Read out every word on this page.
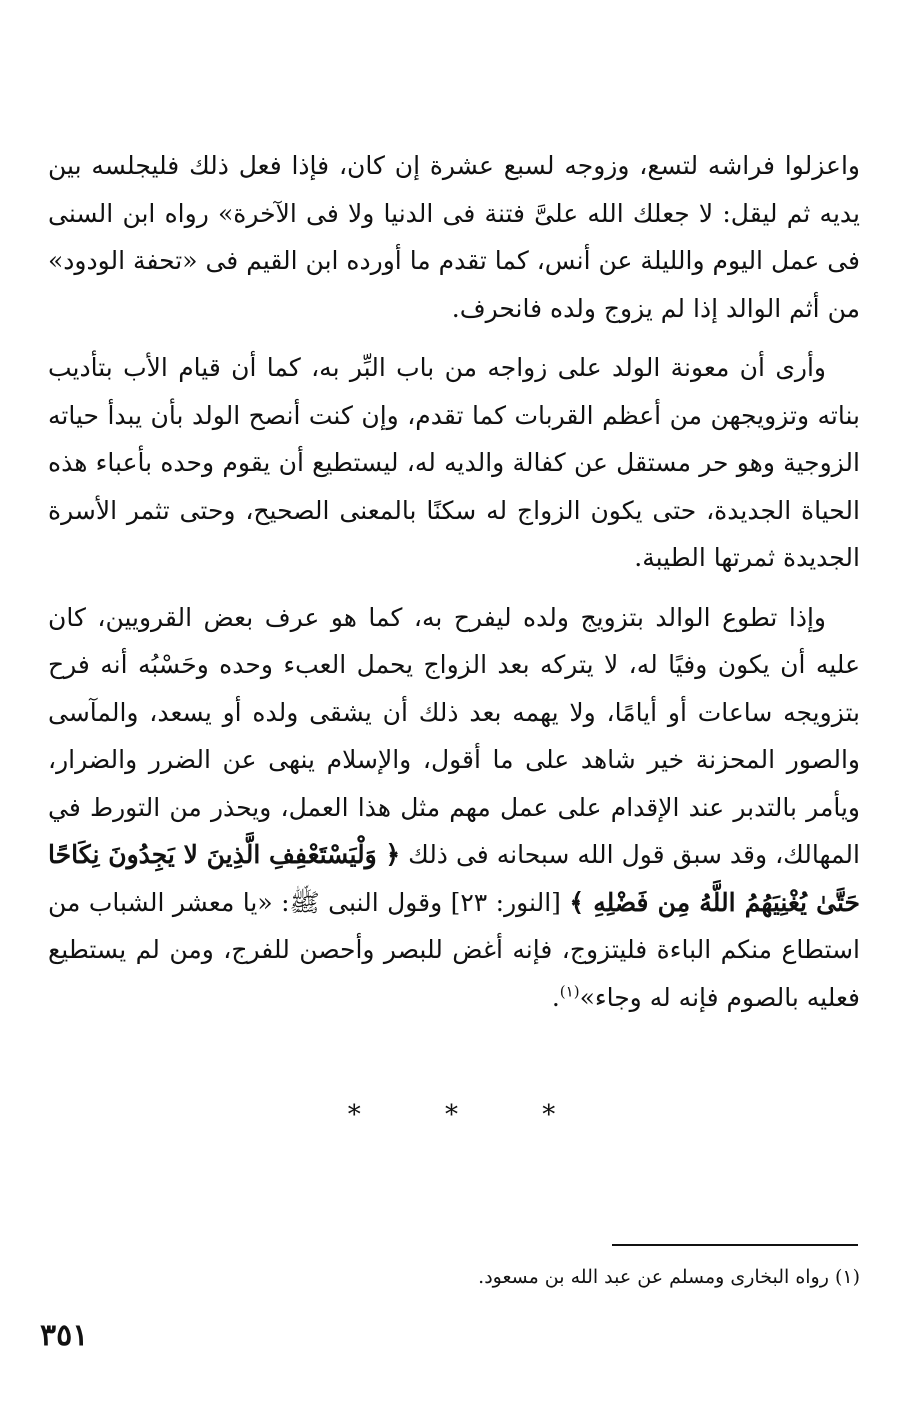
واعزلوا فراشه لتسع، وزوجه لسبع عشرة إن كان، فإذا فعل ذلك فليجلسه بين يديه ثم ليقل: لا جعلك الله علىَّ فتنة فى الدنيا ولا فى الآخرة» رواه ابن السنى فى عمل اليوم والليلة عن أنس، كما تقدم ما أورده ابن القيم فى «تحفة الودود» من أثم الوالد إذا لم يزوج ولده فانحرف.

وأرى أن معونة الولد على زواجه من باب البِّر به، كما أن قيام الأب بتأديب بناته وتزويجهن من أعظم القربات كما تقدم، وإن كنت أنصح الولد بأن يبدأ حياته الزوجية وهو حر مستقل عن كفالة والديه له، ليستطيع أن يقوم وحده بأعباء هذه الحياة الجديدة، حتى يكون الزواج له سكنًا بالمعنى الصحيح، وحتى تثمر الأسرة الجديدة ثمرتها الطيبة.

وإذا تطوع الوالد بتزويج ولده ليفرح به، كما هو عرف بعض القرويين، كان عليه أن يكون وفيًا له، لا يتركه بعد الزواج يحمل العبء وحده وحَسْبُه أنه فرح بتزويجه ساعات أو أيامًا، ولا يهمه بعد ذلك أن يشقى ولده أو يسعد، والمآسى والصور المحزنة خير شاهد على ما أقول، والإسلام ينهى عن الضرر والضرار، ويأمر بالتدبر عند الإقدام على عمل مهم مثل هذا العمل، ويحذر من التورط في المهالك، وقد سبق قول الله سبحانه فى ذلك ﴿ وَلْيَسْتَعْفِفِ الَّذِينَ لا يَجِدُونَ نِكَاحًا حَتَّىٰ يُغْنِيَهُمُ اللَّهُ مِن فَضْلِهِ ﴾ [النور: ٢٣] وقول النبى ﷺ: «يا معشر الشباب من استطاع منكم الباءة فليتزوج، فإنه أغض للبصر وأحصن للفرج، ومن لم يستطيع فعليه بالصوم فإنه له وجاء»$^{(١)}$.

* * *
(١) رواه البخارى ومسلم عن عبد الله بن مسعود.
٣٥١
